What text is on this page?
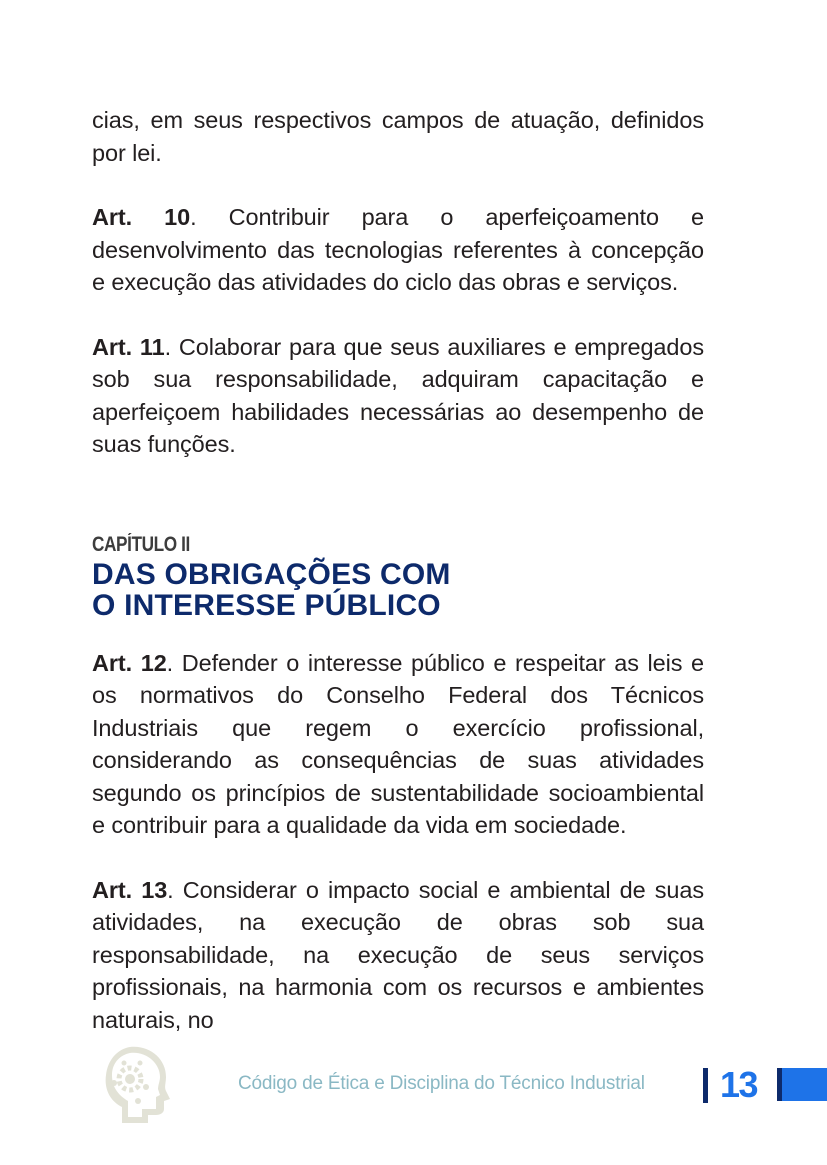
cias, em seus respectivos campos de atuação, definidos por lei.

Art. 10. Contribuir para o aperfeiçoamento e desenvolvimento das tecnologias referentes à concepção e execução das atividades do ciclo das obras e serviços.

Art. 11. Colaborar para que seus auxiliares e empregados sob sua responsabilidade, adquiram capacitação e aperfeiçoem habilidades necessárias ao desempenho de suas funções.

CAPÍTULO II

DAS OBRIGAÇÕES COM
O INTERESSE PÚBLICO

Art. 12. Defender o interesse público e respeitar as leis e os normativos do Conselho Federal dos Técnicos Industriais que regem o exercício profissional, considerando as consequências de suas atividades segundo os princípios de sustentabilidade socioambiental e contribuir para a qualidade da vida em sociedade.

Art. 13. Considerar o impacto social e ambiental de suas atividades, na execução de obras sob sua responsabilidade, na execução de seus serviços profissionais, na harmonia com os recursos e ambientes naturais, no

Código de Ética e Disciplina do Técnico Industrial 13
